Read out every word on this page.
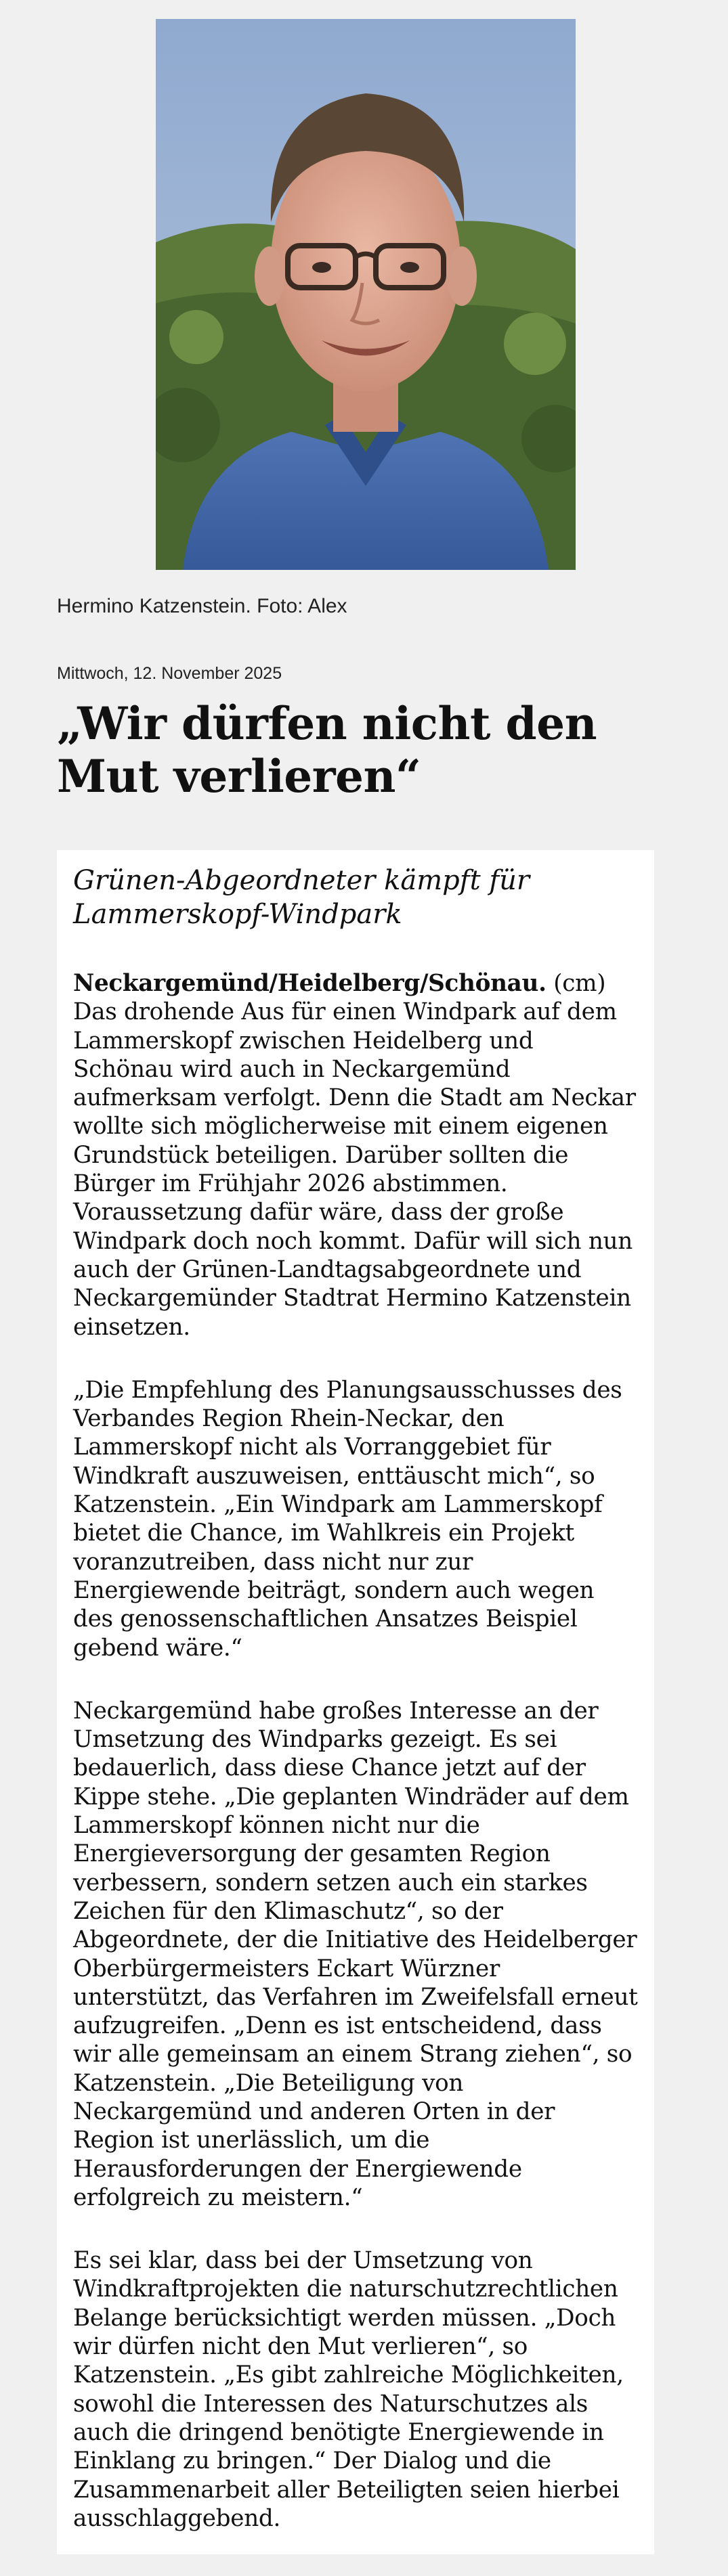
Hermino Katzenstein. Foto: Alex
Mittwoch, 12. November 2025
„Wir dürfen nicht den Mut verlieren“

Grünen-Abgeordneter kämpft für Lammerskopf-Windpark

Neckargemünd/Heidelberg/Schönau. (cm) Das drohende Aus für einen Windpark auf dem Lammerskopf zwischen Heidelberg und Schönau wird auch in Neckargemünd aufmerksam verfolgt. Denn die Stadt am Neckar wollte sich möglicherweise mit einem eigenen Grundstück beteiligen. Darüber sollten die Bürger im Frühjahr 2026 abstimmen. Voraussetzung dafür wäre, dass der große Windpark doch noch kommt. Dafür will sich nun auch der Grünen-Landtagsabgeordnete und Neckargemünder Stadtrat Hermino Katzenstein einsetzen.

„Die Empfehlung des Planungsausschusses des Verbandes Region Rhein-Neckar, den Lammerskopf nicht als Vorranggebiet für Windkraft auszuweisen, enttäuscht mich“, so Katzenstein. „Ein Windpark am Lammerskopf bietet die Chance, im Wahlkreis ein Projekt voranzutreiben, dass nicht nur zur Energiewende beiträgt, sondern auch wegen des genossenschaftlichen Ansatzes Beispiel gebend wäre.“

Neckargemünd habe großes Interesse an der Umsetzung des Windparks gezeigt. Es sei bedauerlich, dass diese Chance jetzt auf der Kippe stehe. „Die geplanten Windräder auf dem Lammerskopf können nicht nur die Energieversorgung der gesamten Region verbessern, sondern setzen auch ein starkes Zeichen für den Klimaschutz“, so der Abgeordnete, der die Initiative des Heidelberger Oberbürgermeisters Eckart Würzner unterstützt, das Verfahren im Zweifelsfall erneut aufzugreifen. „Denn es ist entscheidend, dass wir alle gemeinsam an einem Strang ziehen“, so Katzenstein. „Die Beteiligung von Neckargemünd und anderen Orten in der Region ist unerlässlich, um die Herausforderungen der Energiewende erfolgreich zu meistern.“

Es sei klar, dass bei der Umsetzung von Windkraftprojekten die naturschutzrechtlichen Belange berücksichtigt werden müssen. „Doch wir dürfen nicht den Mut verlieren“, so Katzenstein. „Es gibt zahlreiche Möglichkeiten, sowohl die Interessen des Naturschutzes als auch die dringend benötigte Energiewende in Einklang zu bringen.“ Der Dialog und die Zusammenarbeit aller Beteiligten seien hierbei ausschlaggebend.
